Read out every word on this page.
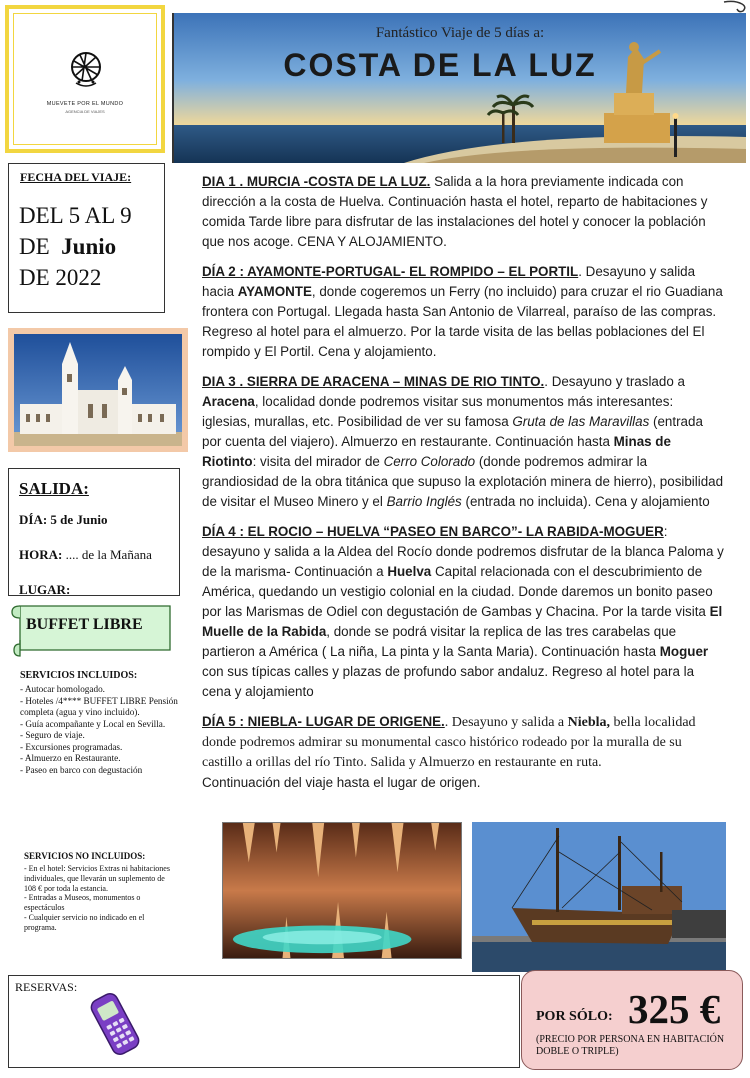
MUEVETE POR EL MUNDO
AGENCIA DE VIAJES
Fantástico Viaje de 5 días a:
COSTA DE LA LUZ
FECHA DEL VIAJE:
DEL 5 AL 9
DE  Junio
DE 2022
SALIDA:
DÍA: 5 de Junio
HORA: .... de la Mañana
LUGAR:
BUFFET LIBRE
SERVICIOS INCLUIDOS:
- Autocar homologado.
- Hoteles /4**** BUFFET LIBRE Pensión completa (agua y vino incluido).
- Guía acompañante y Local en Sevilla.
- Seguro de viaje.
- Excursiones programadas.
- Almuerzo en Restaurante.
- Paseo en barco con degustación
SERVICIOS NO INCLUIDOS:
- En el hotel: Servicios Extras ni habitaciones individuales, que llevarán un suplemento de 108 € por toda la estancia.
- Entradas a Museos, monumentos o espectáculos
- Cualquier servicio no indicado en el programa.

DIA 1 . MURCIA -COSTA DE LA LUZ. Salida a la hora previamente indicada con dirección a la costa de Huelva. Continuación hasta el hotel, reparto de habitaciones y comida Tarde libre para disfrutar de las instalaciones del hotel y conocer la población que nos acoge. CENA Y ALOJAMIENTO.

DÍA 2 : AYAMONTE-PORTUGAL- EL ROMPIDO – EL PORTIL. Desayuno y salida hacia AYAMONTE, donde cogeremos un Ferry (no incluido) para cruzar el rio Guadiana frontera con Portugal. Llegada hasta San Antonio de Vilarreal, paraíso de las compras. Regreso al hotel para el almuerzo. Por la tarde visita de las bellas poblaciones del El rompido y El Portil. Cena y alojamiento.

DIA 3 . SIERRA DE ARACENA – MINAS DE RIO TINTO.. Desayuno y traslado a Aracena, localidad donde podremos visitar sus monumentos más interesantes: iglesias, murallas, etc. Posibilidad de ver su famosa Gruta de las Maravillas (entrada por cuenta del viajero). Almuerzo en restaurante. Continuación hasta Minas de Riotinto: visita del mirador de Cerro Colorado (donde podremos admirar la grandiosidad de la obra titánica que supuso la explotación minera de hierro), posibilidad de visitar el Museo Minero y el Barrio Inglés (entrada no incluida). Cena y alojamiento

DÍA 4 : EL ROCIO – HUELVA “PASEO EN BARCO”- LA RABIDA-MOGUER: desayuno y salida a la Aldea del Rocío donde podremos disfrutar de la blanca Paloma y de la marisma- Continuación a Huelva Capital relacionada con el descubrimiento de América, quedando un vestigio colonial en la ciudad. Donde daremos un bonito paseo por las Marismas de Odiel con degustación de Gambas y Chacina. Por la tarde visita El Muelle de la Rabida, donde se podrá visitar la replica de las tres carabelas que partieron a América ( La niña, La pinta y la Santa Maria). Continuación hasta Moguer con sus típicas calles y plazas de profundo sabor andaluz. Regreso al hotel para la cena y alojamiento

DÍA 5 : NIEBLA- LUGAR DE ORIGENE.. Desayuno y salida a Niebla, bella localidad donde podremos admirar su monumental casco histórico rodeado por la muralla de su castillo a orillas del río Tinto. Salida y Almuerzo en restaurante en ruta.
Continuación del viaje hasta el lugar de origen.

RESERVAS:
POR SÓLO: 325 €
(PRECIO POR PERSONA EN HABITACIÓN DOBLE O TRIPLE)
